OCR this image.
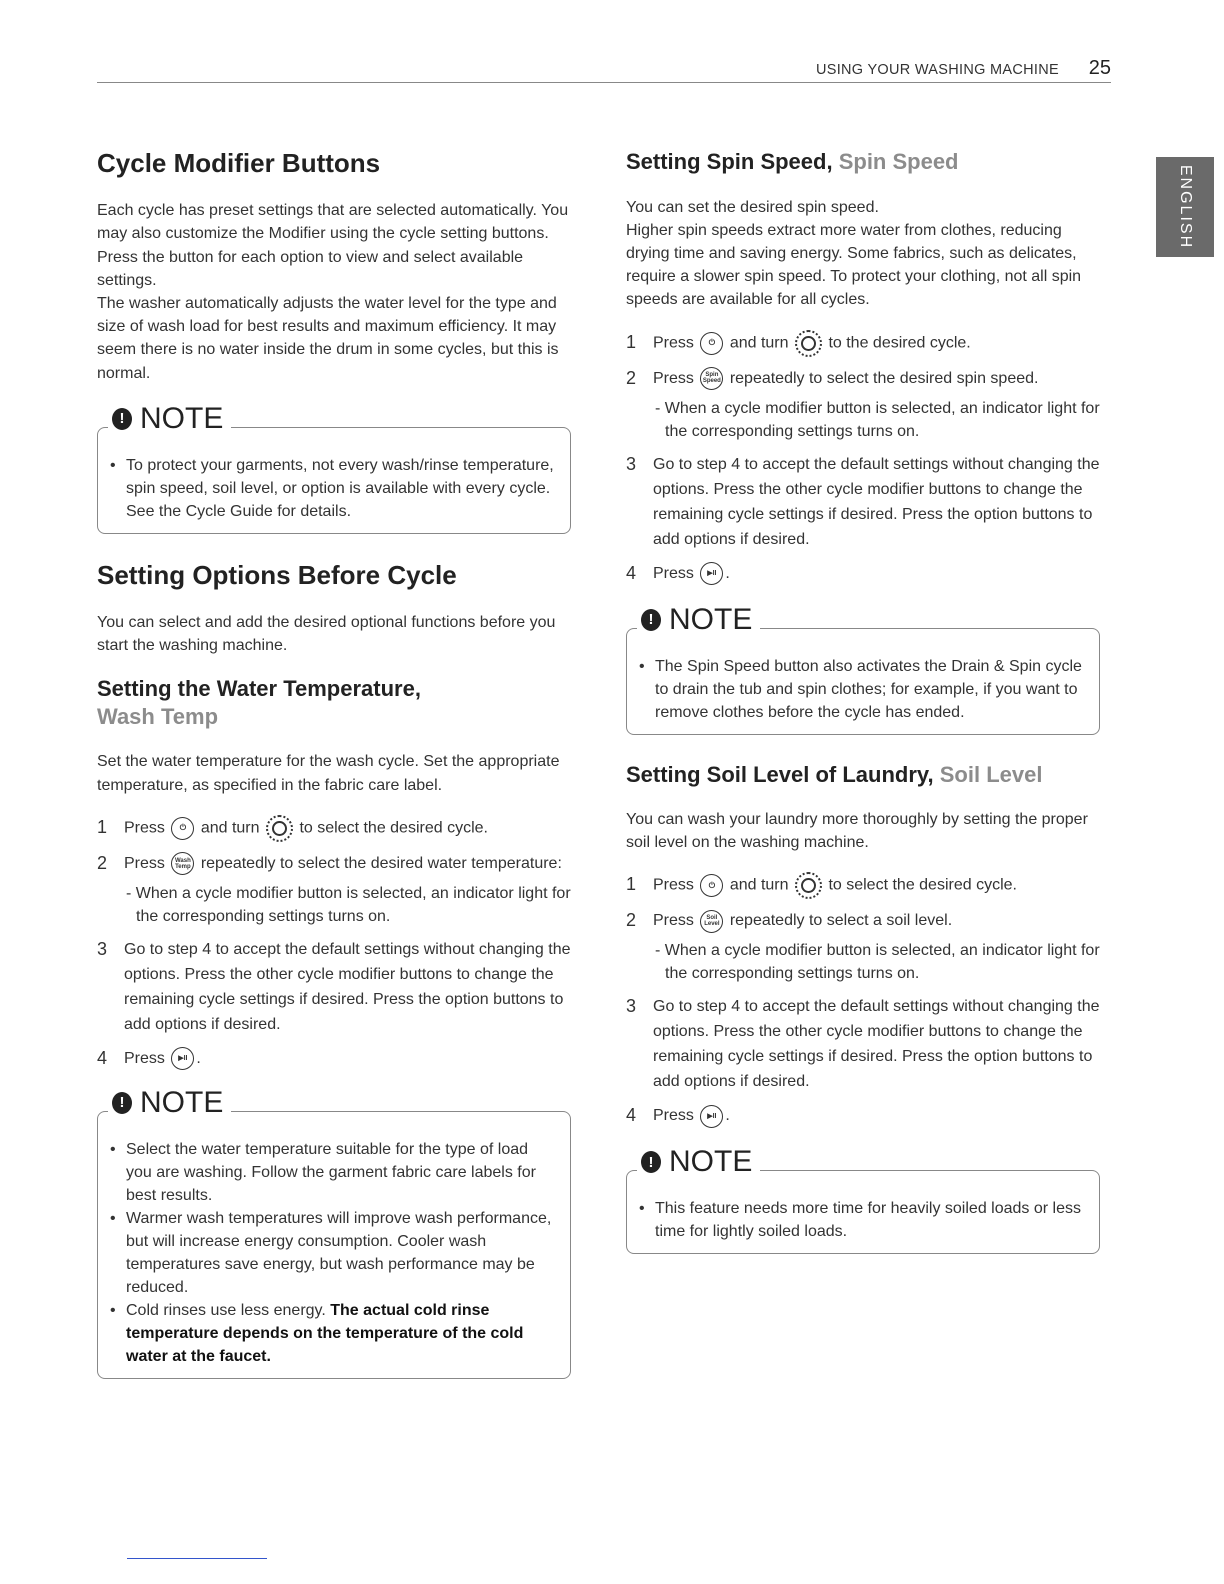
USING YOUR WASHING MACHINE 25
ENGLISH
Cycle Modifier Buttons

Each cycle has preset settings that are selected automatically. You may also customize the Modifier using the cycle setting buttons. Press the button for each option to view and select available settings.

The washer automatically adjusts the water level for the type and size of wash load for best results and maximum efficiency. It may seem there is no water inside the drum in some cycles, but this is normal.

! NOTE
• To protect your garments, not every wash/rinse temperature, spin speed, soil level, or option is available with every cycle. See the Cycle Guide for details.
Setting Options Before Cycle

You can select and add the desired optional functions before you start the washing machine.

Setting the Water Temperature,
Wash Temp

Set the water temperature for the wash cycle. Set the appropriate temperature, as specified in the fabric care label.

1	Press ⏻ and turn to select the desired cycle.
2	Press Wash Temp repeatedly to select the desired water temperature:
- When a cycle modifier button is selected, an indicator light for the corresponding settings turns on.
3	Go to step 4 to accept the default settings without changing the options. Press the other cycle modifier buttons to change the remaining cycle settings if desired. Press the option buttons to add options if desired.
4	Press ▶II .
! NOTE
• Select the water temperature suitable for the type of load you are washing. Follow the garment fabric care labels for best results.
• Warmer wash temperatures will improve wash performance, but will increase energy consumption. Cooler wash temperatures save energy, but wash performance may be reduced.
• Cold rinses use less energy. The actual cold rinse temperature depends on the temperature of the cold water at the faucet.
Setting Spin Speed, Spin Speed

You can set the desired spin speed.

Higher spin speeds extract more water from clothes, reducing drying time and saving energy. Some fabrics, such as delicates, require a slower spin speed. To protect your clothing, not all spin speeds are available for all cycles.

1	Press ⏻ and turn to the desired cycle.
2	Press Spin Speed repeatedly to select the desired spin speed.
- When a cycle modifier button is selected, an indicator light for the corresponding settings turns on.
3	Go to step 4 to accept the default settings without changing the options. Press the other cycle modifier buttons to change the remaining cycle settings if desired. Press the option buttons to add options if desired.
4	Press ▶II .
! NOTE
• The Spin Speed button also activates the Drain & Spin cycle to drain the tub and spin clothes; for example, if you want to remove clothes before the cycle has ended.
Setting Soil Level of Laundry, Soil Level

You can wash your laundry more thoroughly by setting the proper soil level on the washing machine.

1	Press ⏻ and turn to select the desired cycle.
2	Press Soil Level repeatedly to select a soil level.
- When a cycle modifier button is selected, an indicator light for the corresponding settings turns on.
3	Go to step 4 to accept the default settings without changing the options. Press the other cycle modifier buttons to change the remaining cycle settings if desired. Press the option buttons to add options if desired.
4	Press ▶II .
! NOTE
• This feature needs more time for heavily soiled loads or less time for lightly soiled loads.
